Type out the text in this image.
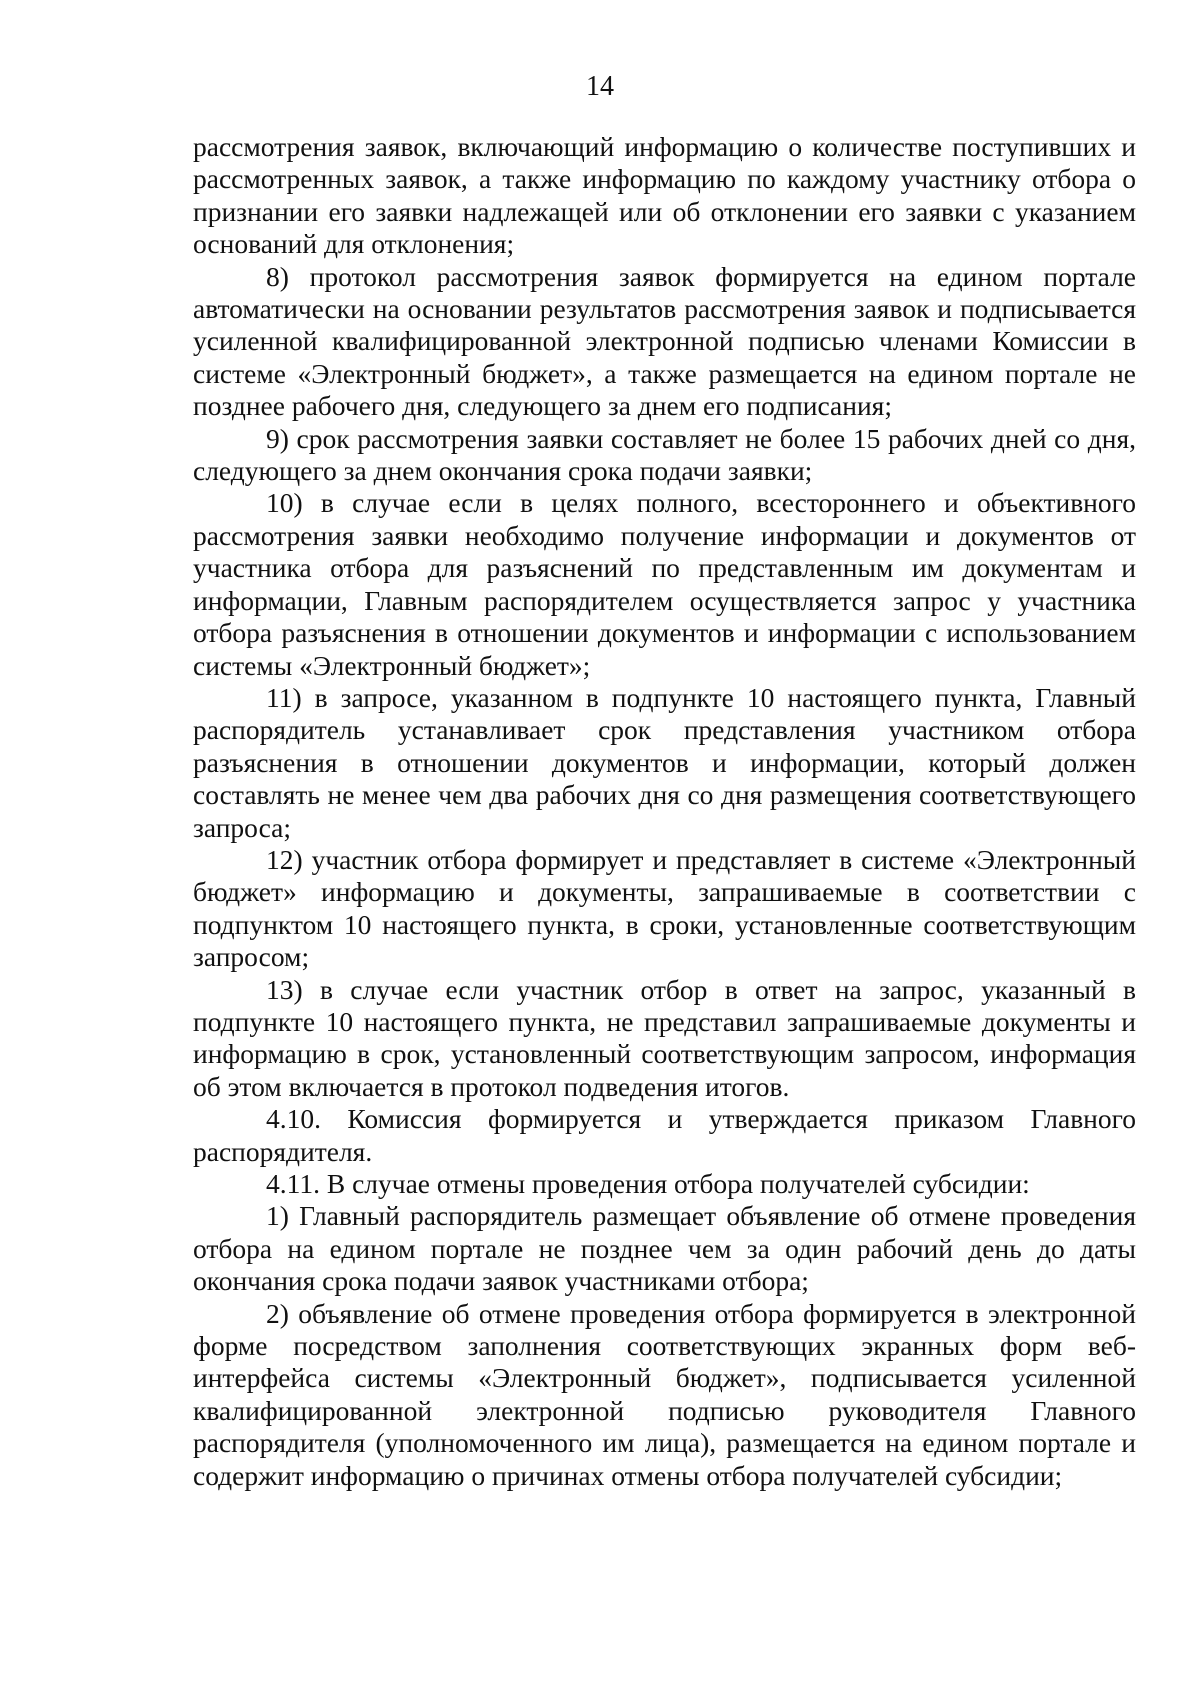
14

рассмотрения заявок, включающий информацию о количестве поступивших и рассмотренных заявок, а также информацию по каждому участнику отбора о признании его заявки надлежащей или об отклонении его заявки с указанием оснований для отклонения;

8) протокол рассмотрения заявок формируется на едином портале автоматически на основании результатов рассмотрения заявок и подписывается усиленной квалифицированной электронной подписью членами Комиссии в системе «Электронный бюджет», а также размещается на едином портале не позднее рабочего дня, следующего за днем его подписания;

9) срок рассмотрения заявки составляет не более 15 рабочих дней со дня, следующего за днем окончания срока подачи заявки;

10) в случае если в целях полного, всестороннего и объективного рассмотрения заявки необходимо получение информации и документов от участника отбора для разъяснений по представленным им документам и информации, Главным распорядителем осуществляется запрос у участника отбора разъяснения в отношении документов и информации с использованием системы «Электронный бюджет»;

11) в запросе, указанном в подпункте 10 настоящего пункта, Главный распорядитель устанавливает срок представления участником отбора разъяснения в отношении документов и информации, который должен составлять не менее чем два рабочих дня со дня размещения соответствующего запроса;

12) участник отбора формирует и представляет в системе «Электронный бюджет» информацию и документы, запрашиваемые в соответствии с подпунктом 10 настоящего пункта, в сроки, установленные соответствующим запросом;

13) в случае если участник отбор в ответ на запрос, указанный в подпункте 10 настоящего пункта, не представил запрашиваемые документы и информацию в срок, установленный соответствующим запросом, информация об этом включается в протокол подведения итогов.

4.10. Комиссия формируется и утверждается приказом Главного распорядителя.

4.11. В случае отмены проведения отбора получателей субсидии:

1) Главный распорядитель размещает объявление об отмене проведения отбора на едином портале не позднее чем за один рабочий день до даты окончания срока подачи заявок участниками отбора;

2) объявление об отмене проведения отбора формируется в электронной форме посредством заполнения соответствующих экранных форм веб-интерфейса системы «Электронный бюджет», подписывается усиленной квалифицированной электронной подписью руководителя Главного распорядителя (уполномоченного им лица), размещается на едином портале и содержит информацию о причинах отмены отбора получателей субсидии;
